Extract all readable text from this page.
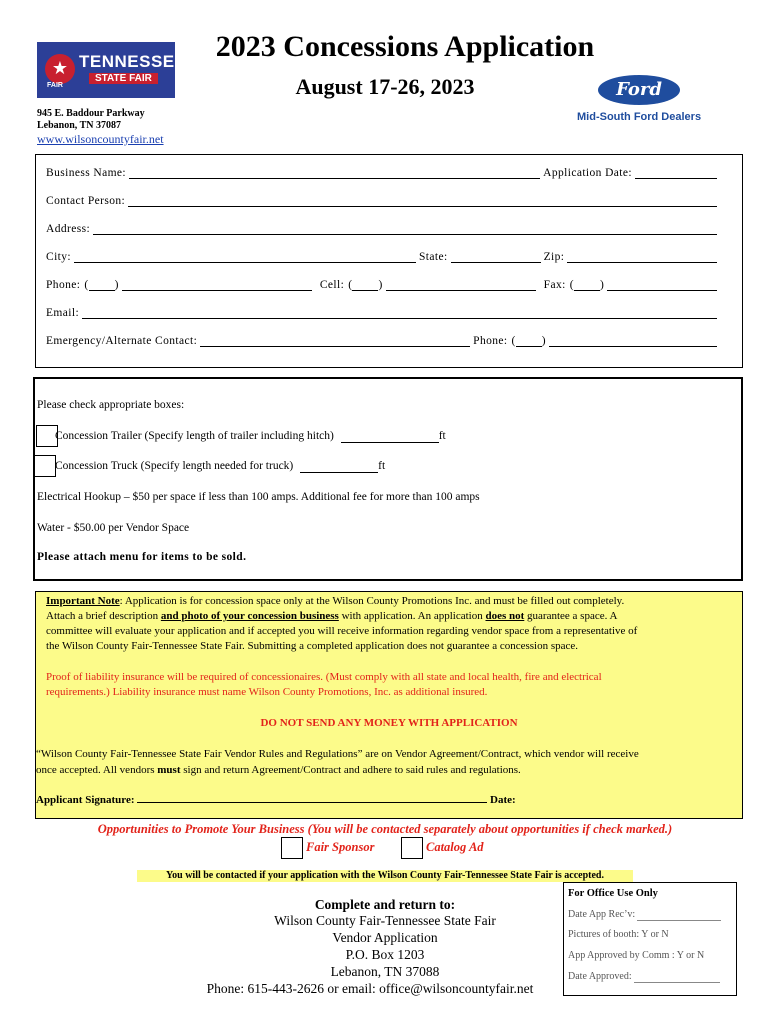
★ TENNESSEE
STATE FAIR
FAIR
2023 Concessions Application
August 17-26, 2023	Ford
Mid-South Ford Dealers
945 E. Baddour Parkway
Lebanon, TN 37087
www.wilsoncountyfair.net
Business Name:	Application Date:
Contact Person:
Address:
City:	State:	Zip:
Phone: ( )	Cell: ( )	Fax: ( )
Email:
Emergency/Alternate Contact:	Phone: ( )
Please check appropriate boxes:
Concession Trailer (Specify length of trailer including hitch)	ft
Concession Truck (Specify length needed for truck)	ft
Electrical Hookup – $50 per space if less than 100 amps. Additional fee for more than 100 amps
Water - $50.00 per Vendor Space
Please attach menu for items to be sold.
Important Note: Application is for concession space only at the Wilson County Promotions Inc. and must be filled out completely.
Attach a brief description and photo of your concession business with application. An application does not guarantee a space. A
committee will evaluate your application and if accepted you will receive information regarding vendor space from a representative of
the Wilson County Fair-Tennessee State Fair. Submitting a completed application does not guarantee a concession space.
Proof of liability insurance will be required of concessionaires. (Must comply with all state and local health, fire and electrical
requirements.) Liability insurance must name Wilson County Promotions, Inc. as additional insured.
DO NOT SEND ANY MONEY WITH APPLICATION
“Wilson County Fair-Tennessee State Fair Vendor Rules and Regulations” are on Vendor Agreement/Contract, which vendor will receive
once accepted. All vendors must sign and return Agreement/Contract and adhere to said rules and regulations.
Applicant Signature:	Date:
Opportunities to Promote Your Business (You will be contacted separately about opportunities if check marked.)
Fair Sponsor	Catalog Ad
You will be contacted if your application with the Wilson County Fair-Tennessee State Fair is accepted.
Complete and return to:
Wilson County Fair-Tennessee State Fair
Vendor Application
P.O. Box 1203
Lebanon, TN 37088
Phone: 615-443-2626 or email: office@wilsoncountyfair.net
For Office Use Only
Date App Rec’v:
Pictures of booth: Y or N
App Approved by Comm : Y or N
Date Approved:
